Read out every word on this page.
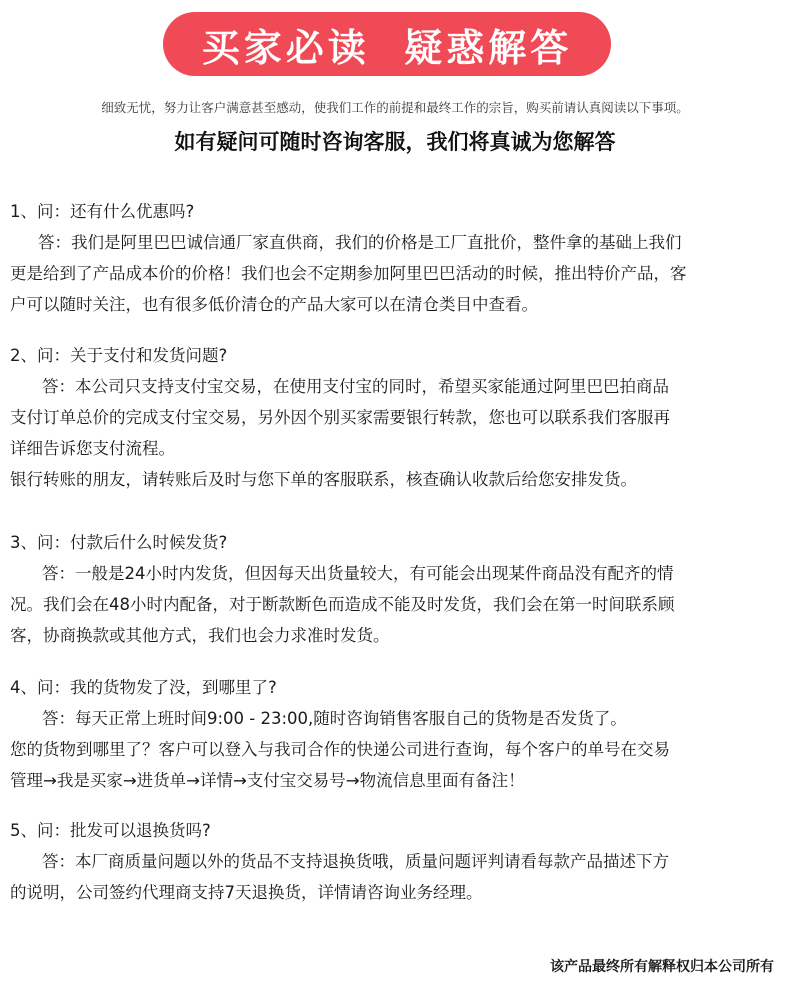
买家必读  疑惑解答
细致无忧，努力让客户满意甚至感动，使我们工作的前提和最终工作的宗旨，购买前请认真阅读以下事项。
如有疑问可随时咨询客服，我们将真诚为您解答

1、问：还有什么优惠吗?

答：我们是阿里巴巴诚信通厂家直供商，我们的价格是工厂直批价，整件拿的基础上我们

更是给到了产品成本价的价格！我们也会不定期参加阿里巴巴活动的时候，推出特价产品，客

户可以随时关注，也有很多低价清仓的产品大家可以在清仓类目中查看。

2、问：关于支付和发货问题?

答：本公司只支持支付宝交易，在使用支付宝的同时，希望买家能通过阿里巴巴拍商品

支付订单总价的完成支付宝交易，另外因个别买家需要银行转款，您也可以联系我们客服再

详细告诉您支付流程。

银行转账的朋友，请转账后及时与您下单的客服联系，核查确认收款后给您安排发货。

3、问：付款后什么时候发货?

答：一般是24小时内发货，但因每天出货量较大，有可能会出现某件商品没有配齐的情

况。我们会在48小时内配备，对于断款断色而造成不能及时发货，我们会在第一时间联系顾

客，协商换款或其他方式，我们也会力求准时发货。

4、问：我的货物发了没，到哪里了?

答：每天正常上班时间9:00 - 23:00,随时咨询销售客服自己的货物是否发货了。

您的货物到哪里了？客户可以登入与我司合作的快递公司进行查询，每个客户的单号在交易

管理→我是买家→进货单→详情→支付宝交易号→物流信息里面有备注！

5、问：批发可以退换货吗?

答：本厂商质量问题以外的货品不支持退换货哦，质量问题评判请看每款产品描述下方

的说明，公司签约代理商支持7天退换货，详情请咨询业务经理。

该产品最终所有解释权归本公司所有
